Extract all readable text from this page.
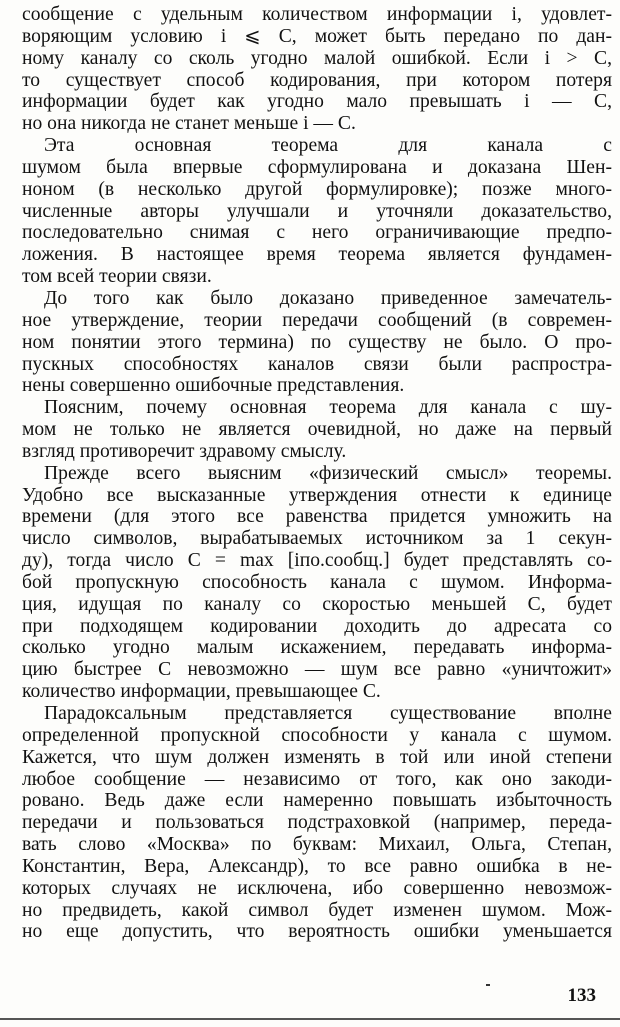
сообщение с удельным количеством информации i, удовлет-
воряющим условию i ⩽ C, может быть передано по дан-
ному каналу со сколь угодно малой ошибкой. Если i > C,
то существует способ кодирования, при котором потеря
информации будет как угодно мало превышать i — C,
но она никогда не станет меньше i — C.
Эта основная теорема для канала с
шумом была впервые сформулирована и доказана Шен-
ноном (в несколько другой формулировке); позже много-
численные авторы улучшали и уточняли доказательство,
последовательно снимая с него ограничивающие предпо-
ложения. В настоящее время теорема является фундамен-
том всей теории связи.
До того как было доказано приведенное замечатель-
ное утверждение, теории передачи сообщений (в современ-
ном понятии этого термина) по существу не было. О про-
пускных способностях каналов связи были распростра-
нены совершенно ошибочные представления.
Поясним, почему основная теорема для канала с шу-
мом не только не является очевидной, но даже на первый
взгляд противоречит здравому смыслу.
Прежде всего выясним «физический смысл» теоремы.
Удобно все высказанные утверждения отнести к единице
времени (для этого все равенства придется умножить на
число символов, вырабатываемых источником за 1 секун-
ду), тогда число C = max [iпо.сообщ.] будет представлять со-
бой пропускную способность канала с шумом. Информа-
ция, идущая по каналу со скоростью меньшей C, будет
при подходящем кодировании доходить до адресата со
сколько угодно малым искажением, передавать информа-
цию быстрее C невозможно — шум все равно «уничтожит»
количество информации, превышающее C.
Парадоксальным представляется существование вполне
определенной пропускной способности у канала с шумом.
Кажется, что шум должен изменять в той или иной степени
любое сообщение — независимо от того, как оно закоди-
ровано. Ведь даже если намеренно повышать избыточность
передачи и пользоваться подстраховкой (например, переда-
вать слово «Москва» по буквам: Михаил, Ольга, Степан,
Константин, Вера, Александр), то все равно ошибка в не-
которых случаях не исключена, ибо совершенно невозмож-
но предвидеть, какой символ будет изменен шумом. Мож-
но еще допустить, что вероятность ошибки уменьшается
133
